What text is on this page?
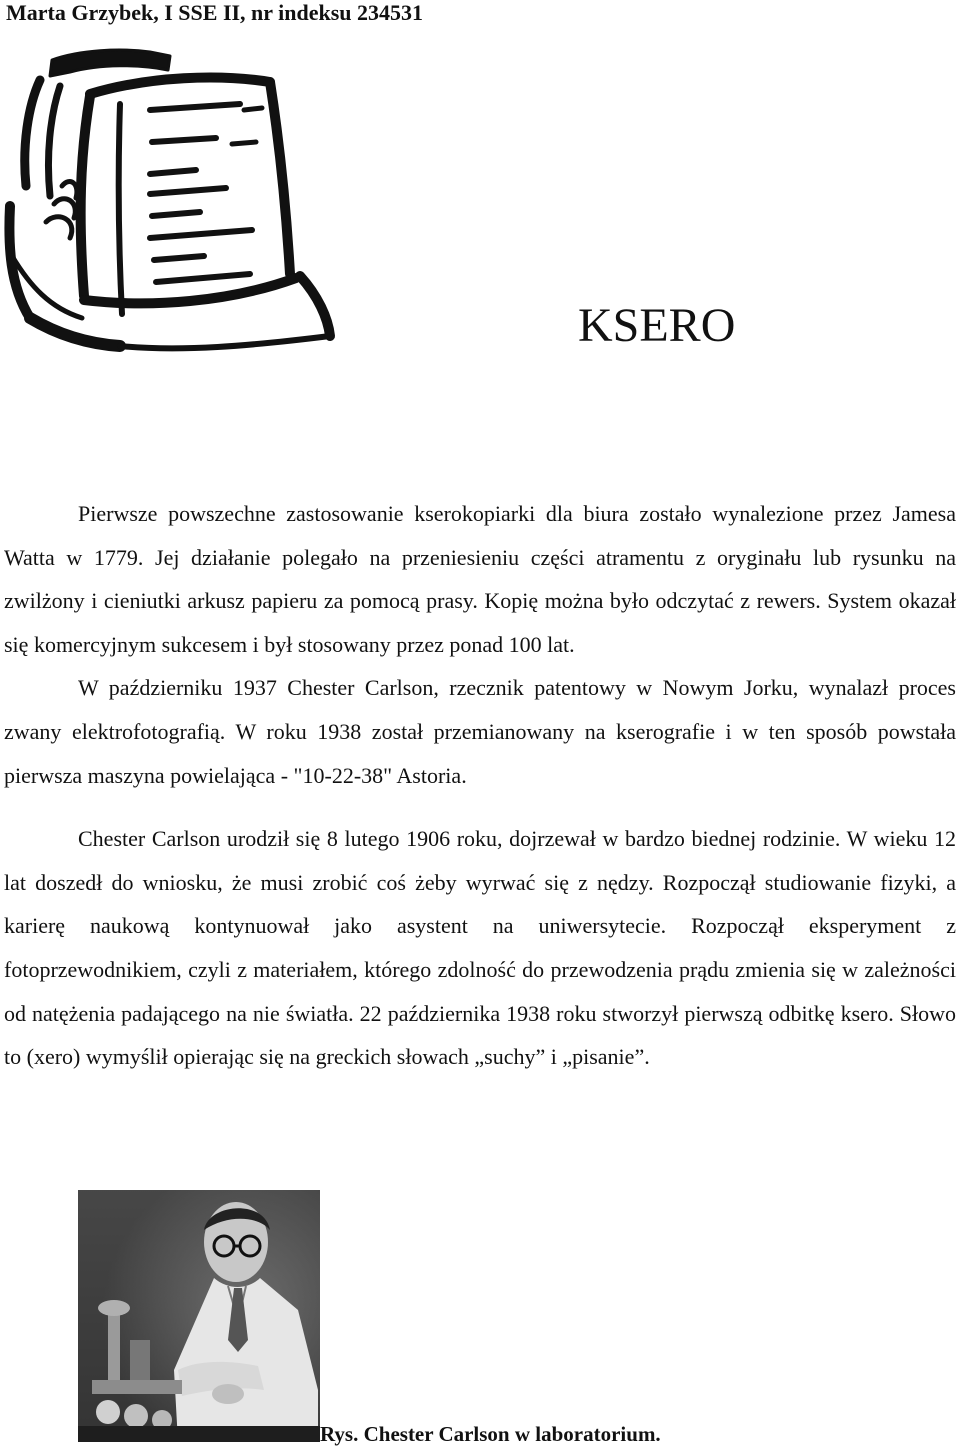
Marta Grzybek, I SSE II, nr indeksu 234531
KSERO

Pierwsze powszechne zastosowanie kserokopiarki dla biura zostało wynalezione przez Jamesa Watta w 1779. Jej działanie polegało na przeniesieniu części atramentu z oryginału lub rysunku na zwilżony i cieniutki arkusz papieru za pomocą prasy. Kopię można było odczytać z rewers. System okazał się komercyjnym sukcesem i był stosowany przez ponad 100 lat.

W październiku 1937 Chester Carlson, rzecznik patentowy w Nowym Jorku, wynalazł proces zwany elektrofotografią. W roku 1938 został przemianowany na kserografie i w ten sposób powstała pierwsza maszyna powielająca - "10-22-38" Astoria.

Chester Carlson urodził się 8 lutego 1906 roku, dojrzewał w bardzo biednej rodzinie. W wieku 12 lat doszedł do wniosku, że musi zrobić coś żeby wyrwać się z nędzy. Rozpoczął studiowanie fizyki, a karierę naukową kontynuował jako asystent na uniwersytecie. Rozpoczął eksperyment z fotoprzewodnikiem, czyli z materiałem, którego zdolność do przewodzenia prądu zmienia się w zależności od natężenia padającego na nie światła. 22 października 1938 roku stworzył pierwszą odbitkę ksero. Słowo to (xero) wymyślił opierając się na greckich słowach „suchy” i „pisanie”.

Rys. Chester Carlson w laboratorium.
